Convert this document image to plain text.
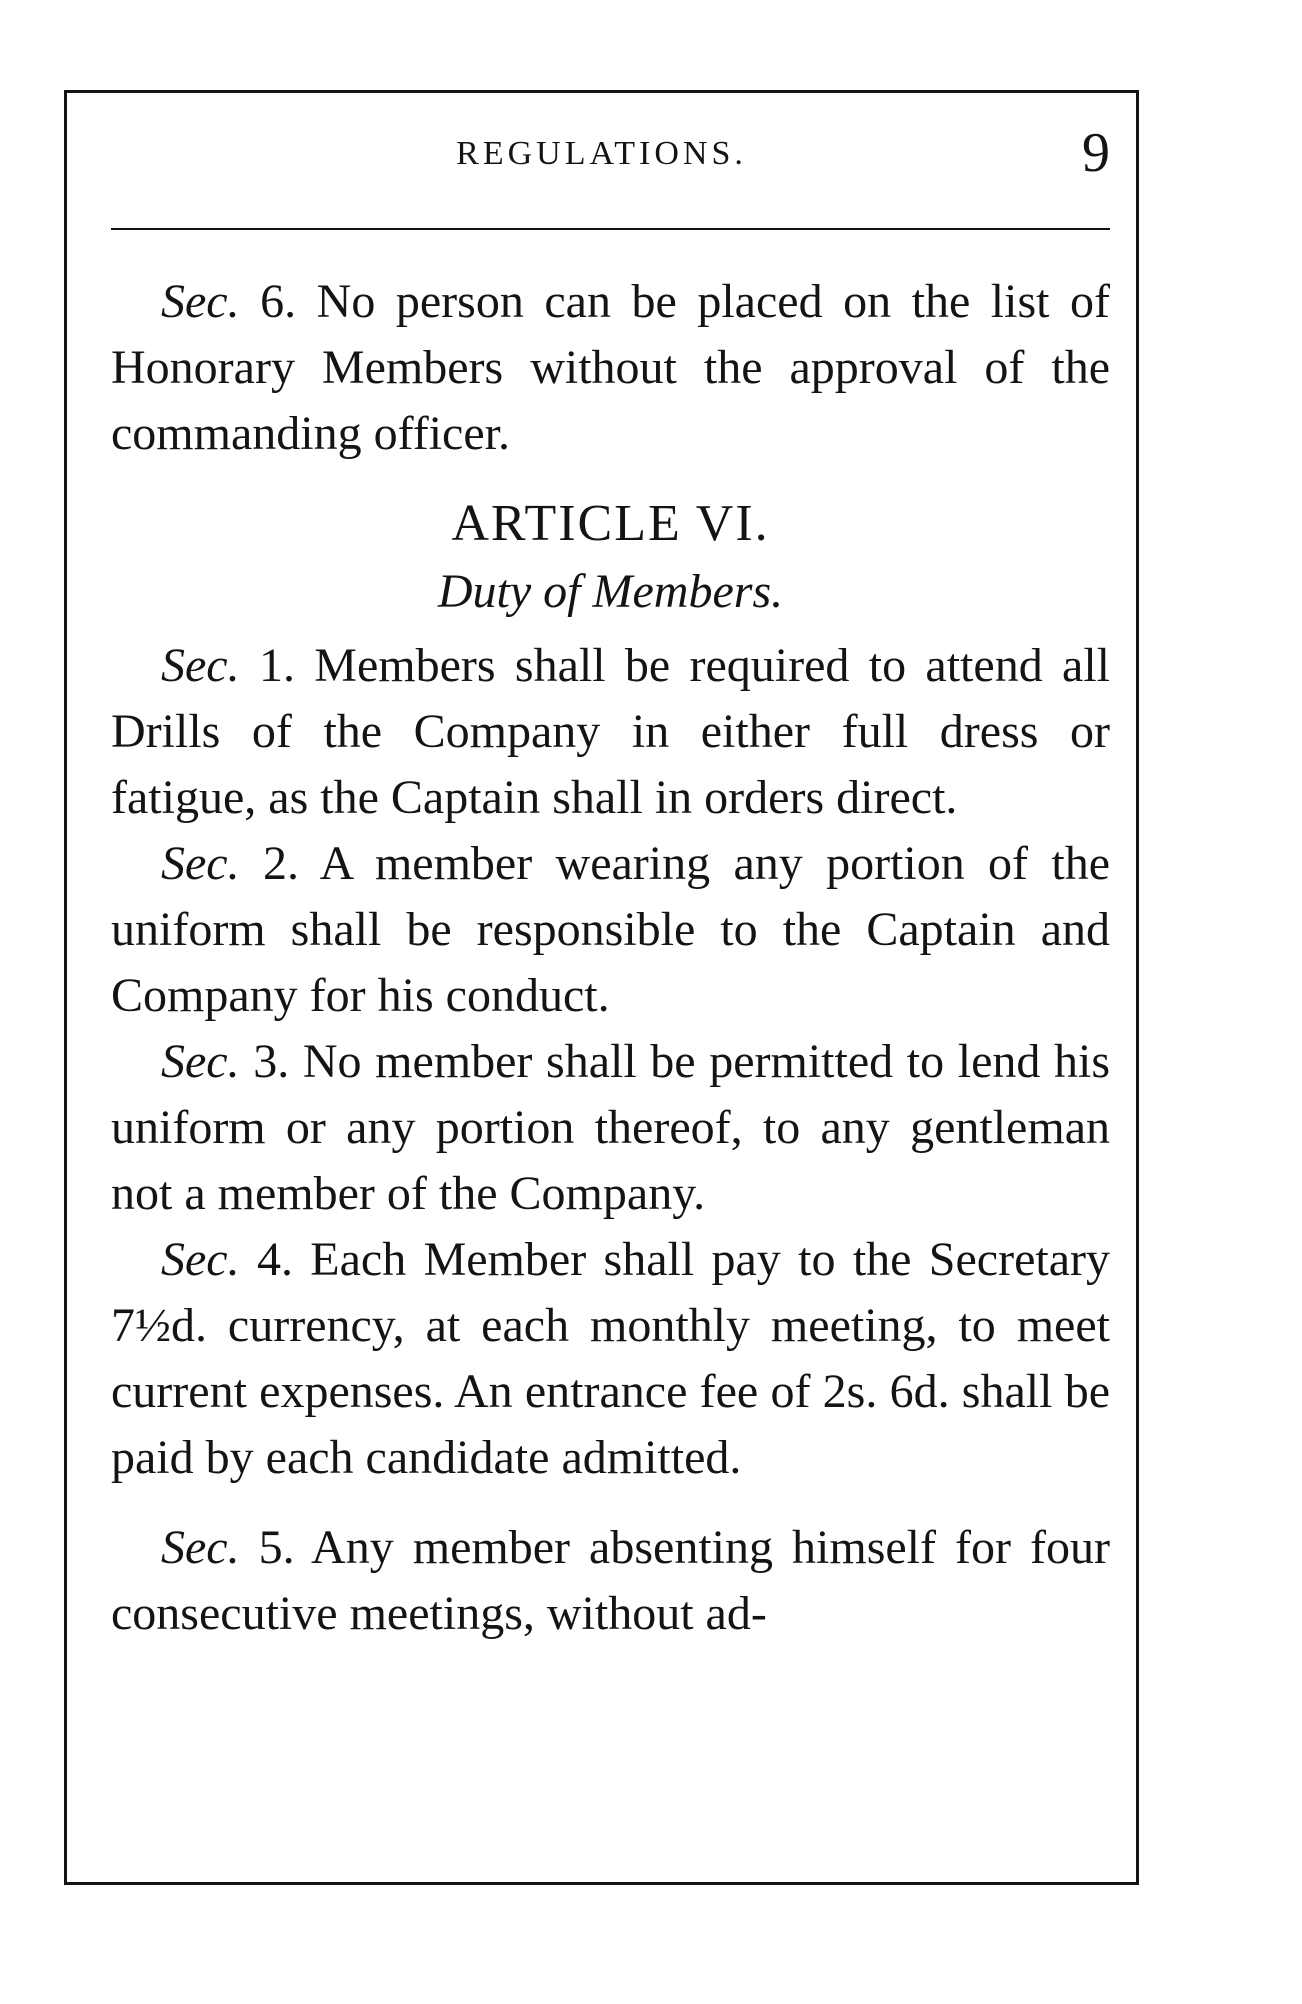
REGULATIONS.	9

Sec. 6. No person can be placed on the list of Honorary Members without the approval of the commanding officer.

ARTICLE VI.
Duty of Members.

Sec. 1. Members shall be required to attend all Drills of the Company in either full dress or fatigue, as the Captain shall in orders direct.

Sec. 2. A member wearing any portion of the uniform shall be responsible to the Captain and Company for his conduct.

Sec. 3. No member shall be permitted to lend his uniform or any portion thereof, to any gentleman not a member of the Company.

Sec. 4. Each Member shall pay to the Secretary 7½d. currency, at each monthly meeting, to meet current expenses. An entrance fee of 2s. 6d. shall be paid by each candidate admitted.

Sec. 5. Any member absenting himself for four consecutive meetings, without ad-
